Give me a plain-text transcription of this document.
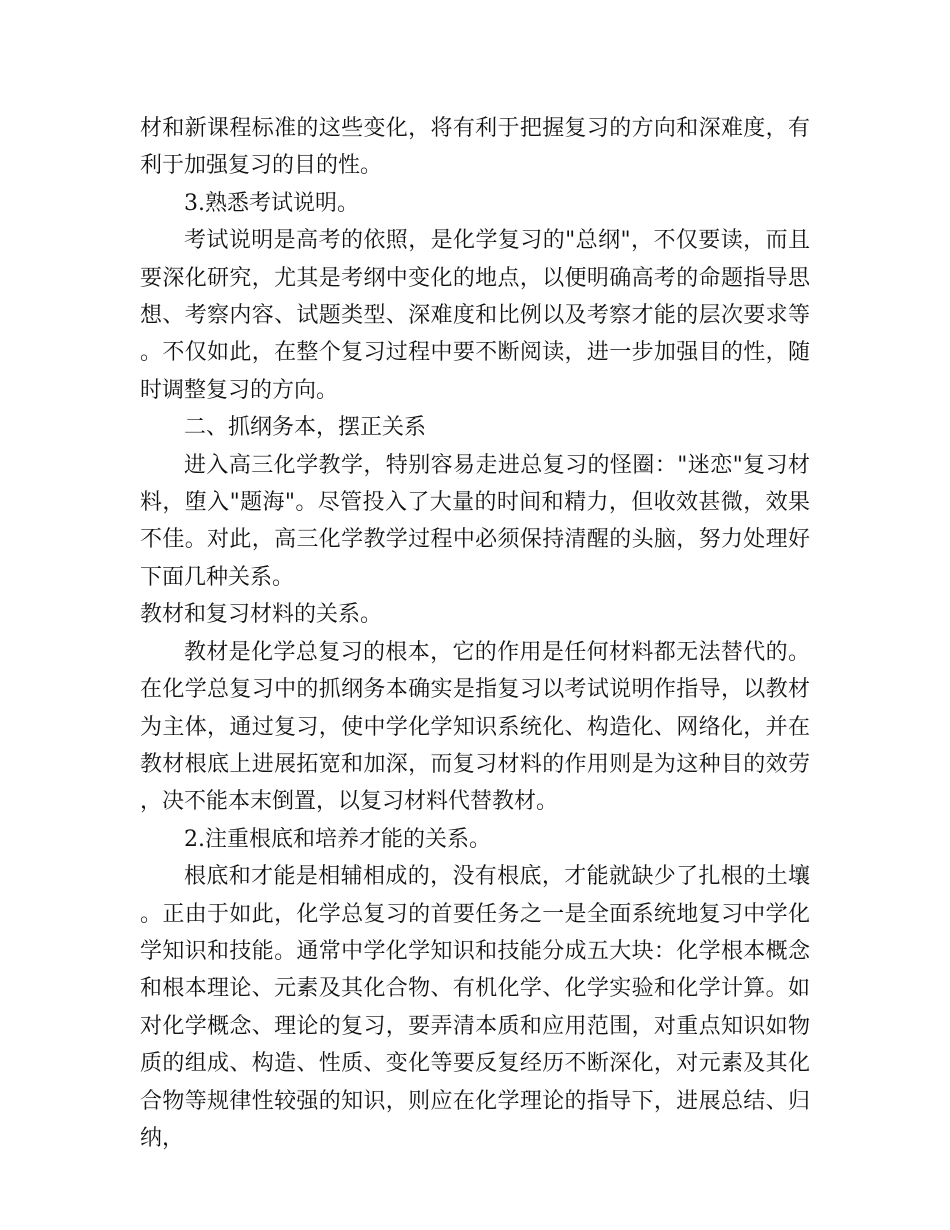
材和新课程标准的这些变化，将有利于把握复习的方向和深难度，有利于加强复习的目的性。

3.熟悉考试说明。

考试说明是高考的依照，是化学复习的"总纲"，不仅要读，而且要深化研究，尤其是考纲中变化的地点，以便明确高考的命题指导思想、考察内容、试题类型、深难度和比例以及考察才能的层次要求等。不仅如此，在整个复习过程中要不断阅读，进一步加强目的性，随时调整复习的方向。

二、抓纲务本，摆正关系

进入高三化学教学，特别容易走进总复习的怪圈："迷恋"复习材料，堕入"题海"。尽管投入了大量的时间和精力，但收效甚微，效果不佳。对此，高三化学教学过程中必须保持清醒的头脑，努力处理好下面几种关系。

教材和复习材料的关系。

教材是化学总复习的根本，它的作用是任何材料都无法替代的。在化学总复习中的抓纲务本确实是指复习以考试说明作指导，以教材为主体，通过复习，使中学化学知识系统化、构造化、网络化，并在教材根底上进展拓宽和加深，而复习材料的作用则是为这种目的效劳，决不能本末倒置，以复习材料代替教材。

2.注重根底和培养才能的关系。

根底和才能是相辅相成的，没有根底，才能就缺少了扎根的土壤。正由于如此，化学总复习的首要任务之一是全面系统地复习中学化学知识和技能。通常中学化学知识和技能分成五大块：化学根本概念和根本理论、元素及其化合物、有机化学、化学实验和化学计算。如对化学概念、理论的复习，要弄清本质和应用范围，对重点知识如物质的组成、构造、性质、变化等要反复经历不断深化，对元素及其化合物等规律性较强的知识，则应在化学理论的指导下，进展总结、归纳，
